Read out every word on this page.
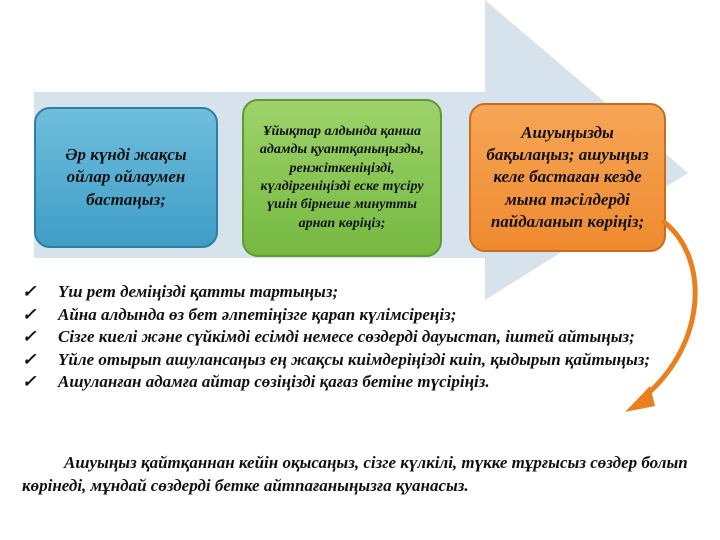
Әр күнді жақсы ойлар ойлаумен бастаңыз;
Ұйықтар алдында қанша адамды қуантқаныңызды, ренжіткеніңізді, күлдіргеніңізді еске түсіру үшін бірнеше минутты арнап көріңіз;
Ашуыңызды бақылаңыз; ашуыңыз келе бастаған кезде мына тәсілдерді пайдаланып көріңіз;
✓	Үш рет деміңізді қатты тартыңыз;
✓	Айна алдында өз бет әлпетіңізге қарап күлімсіреңіз;
✓	Сізге киелі және сүйкімді есімді немесе сөздерді дауыстап, іштей айтыңыз;
✓	Үйле отырып ашулансаңыз ең жақсы киімдеріңізді киіп, қыдырып қайтыңыз;
✓	Ашуланған адамға айтар сөзіңізді қағаз бетіне түсіріңіз.

Ашуыңыз қайтқаннан кейін оқысаңыз, сізге күлкілі, түкке тұрғысыз сөздер болып көрінеді, мұндай сөздерді бетке айтпағаныңызға қуанасыз.
